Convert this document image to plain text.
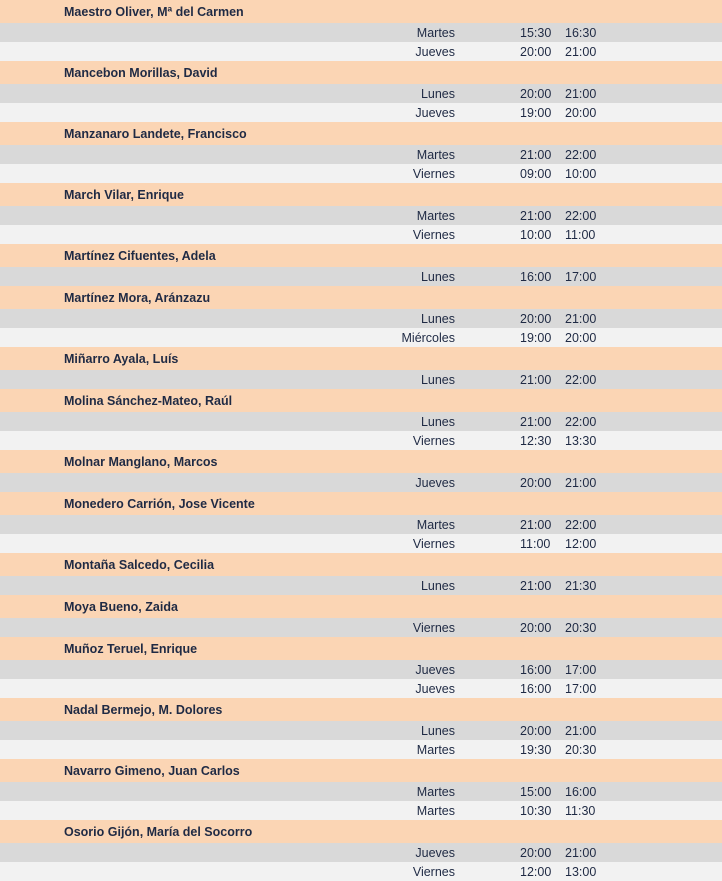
Maestro Oliver, Mª del Carmen
Martes	15:30 16:30
Jueves	20:00 21:00
Mancebon Morillas, David
Lunes	20:00 21:00
Jueves	19:00 20:00
Manzanaro Landete, Francisco
Martes	21:00 22:00
Viernes	09:00 10:00
March Vilar, Enrique
Martes	21:00 22:00
Viernes	10:00 11:00
Martínez Cifuentes, Adela
Lunes	16:00 17:00
Martínez Mora, Aránzazu
Lunes	20:00 21:00
Miércoles	19:00 20:00
Miñarro Ayala, Luís
Lunes	21:00 22:00
Molina Sánchez-Mateo, Raúl
Lunes	21:00 22:00
Viernes	12:30 13:30
Molnar Manglano, Marcos
Jueves	20:00 21:00
Monedero Carrión, Jose Vicente
Martes	21:00 22:00
Viernes	11:00 12:00
Montaña Salcedo, Cecilia
Lunes	21:00 21:30
Moya Bueno, Zaida
Viernes	20:00 20:30
Muñoz Teruel, Enrique
Jueves	16:00 17:00
Jueves	16:00 17:00
Nadal Bermejo, M. Dolores
Lunes	20:00 21:00
Martes	19:30 20:30
Navarro Gimeno, Juan Carlos
Martes	15:00 16:00
Martes	10:30 11:30
Osorio Gijón, María del Socorro
Jueves	20:00 21:00
Viernes	12:00 13:00
